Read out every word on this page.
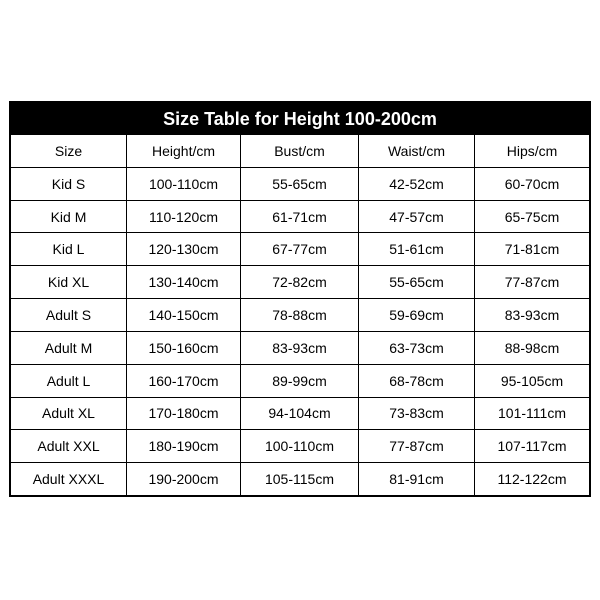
Size Table for Height 100-200cm
Size	Height/cm	Bust/cm	Waist/cm	Hips/cm
Kid S	100-110cm	55-65cm	42-52cm	60-70cm
Kid M	110-120cm	61-71cm	47-57cm	65-75cm
Kid L	120-130cm	67-77cm	51-61cm	71-81cm
Kid XL	130-140cm	72-82cm	55-65cm	77-87cm
Adult S	140-150cm	78-88cm	59-69cm	83-93cm
Adult M	150-160cm	83-93cm	63-73cm	88-98cm
Adult L	160-170cm	89-99cm	68-78cm	95-105cm
Adult XL	170-180cm	94-104cm	73-83cm	101-111cm
Adult XXL	180-190cm	100-110cm	77-87cm	107-117cm
Adult XXXL	190-200cm	105-115cm	81-91cm	112-122cm
